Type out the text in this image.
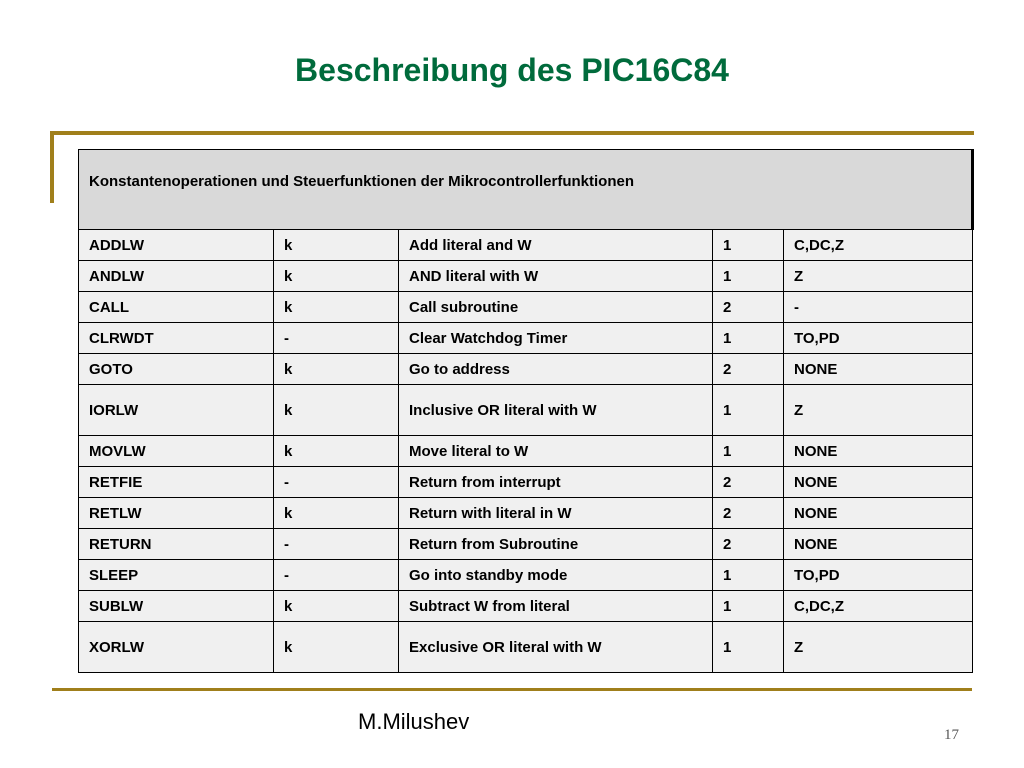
Beschreibung des PIC16C84
Konstantenoperationen und Steuerfunktionen der Mikrocontrollerfunktionen				
ADDLW	k	Add literal and W	1	C,DC,Z
ANDLW	k	AND literal with W	1	Z
CALL	k	Call subroutine	2	-
CLRWDT	-	Clear Watchdog Timer	1	TO,PD
GOTO	k	Go to address	2	NONE
IORLW	k	Inclusive OR literal with W	1	Z
MOVLW	k	Move literal to W	1	NONE
RETFIE	-	Return from interrupt	2	NONE
RETLW	k	Return with literal in W	2	NONE
RETURN	-	Return from Subroutine	2	NONE
SLEEP	-	Go into standby mode	1	TO,PD
SUBLW	k	Subtract W from literal	1	C,DC,Z
XORLW	k	Exclusive OR literal with W	1	Z
M.Milushev
17
